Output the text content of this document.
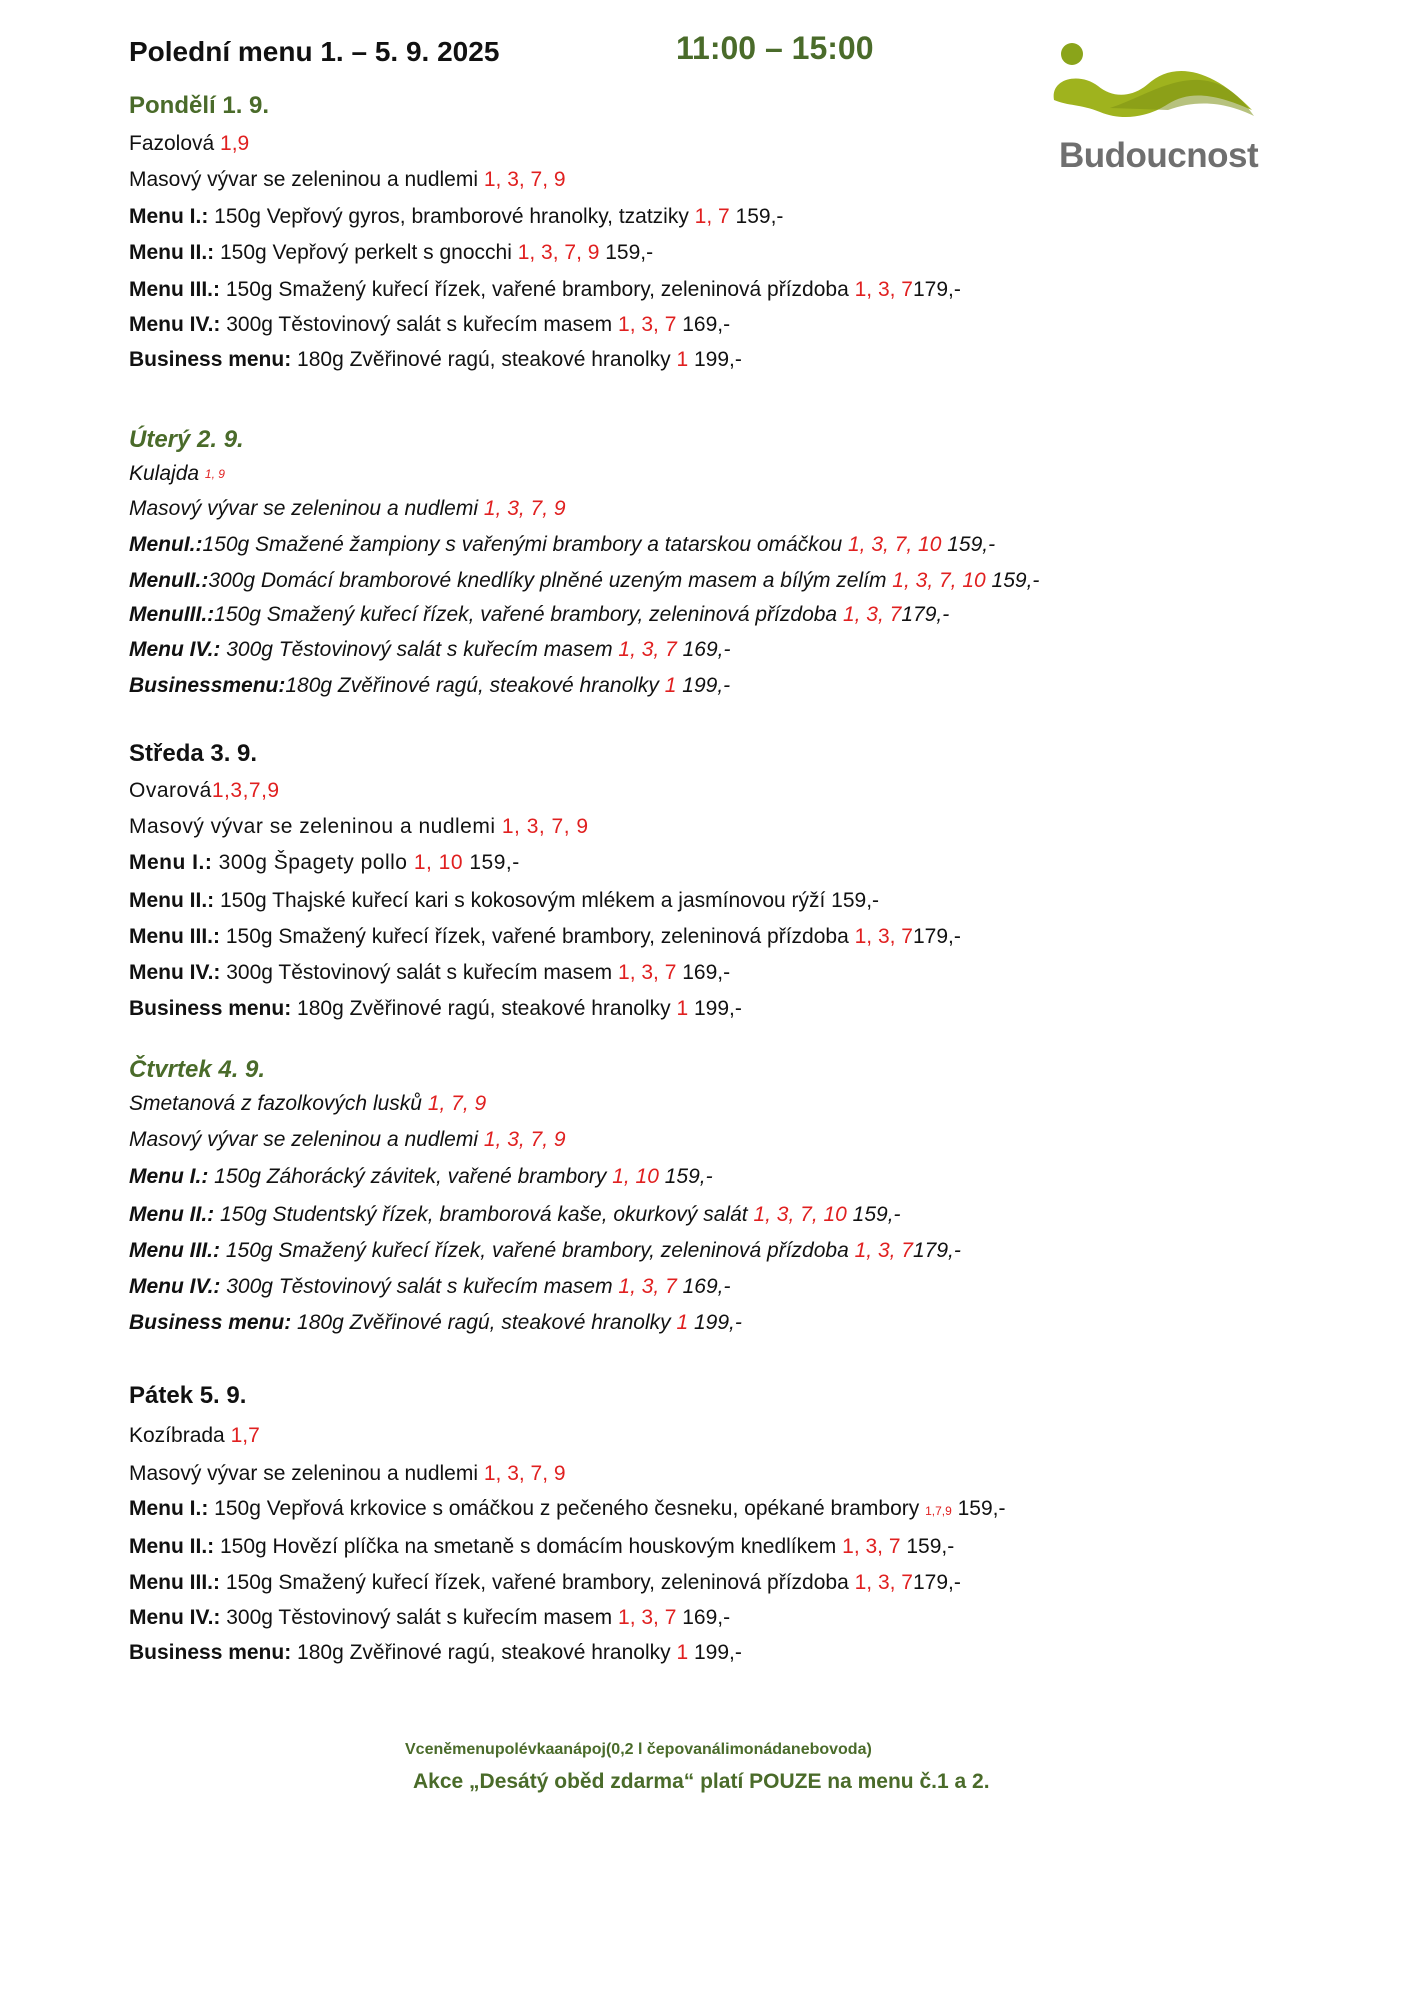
Polední menu 1. – 5. 9. 2025	11:00 – 15:00
Budoucnost
Pondělí 1. 9.
Fazolová 1,9
Masový vývar se zeleninou a nudlemi 1, 3, 7, 9
Menu I.: 150g Vepřový gyros, bramborové hranolky, tzatziky 1, 7 159,-
Menu II.: 150g Vepřový perkelt s gnocchi 1, 3, 7, 9 159,-
Menu III.: 150g Smažený kuřecí řízek, vařené brambory, zeleninová přízdoba 1, 3, 7179,-
Menu IV.: 300g Těstovinový salát s kuřecím masem 1, 3, 7 169,-
Business menu: 180g Zvěřinové ragú, steakové hranolky 1 199,-
Úterý 2. 9.
Kulajda 1, 9
Masový vývar se zeleninou a nudlemi 1, 3, 7, 9
MenuI.:150g Smažené žampiony s vařenými brambory a tatarskou omáčkou 1, 3, 7, 10 159,-
MenuII.:300g Domácí bramborové knedlíky plněné uzeným masem a bílým zelím 1, 3, 7, 10 159,-
MenuIII.:150g Smažený kuřecí řízek, vařené brambory, zeleninová přízdoba 1, 3, 7179,-
Menu IV.: 300g Těstovinový salát s kuřecím masem 1, 3, 7 169,-
Businessmenu:180g Zvěřinové ragú, steakové hranolky 1 199,-
Středa 3. 9.
Ovarová1,3,7,9
Masový vývar se zeleninou a nudlemi 1, 3, 7, 9
Menu I.: 300g Špagety pollo 1, 10 159,-
Menu II.: 150g Thajské kuřecí kari s kokosovým mlékem a jasmínovou rýží 159,-
Menu III.: 150g Smažený kuřecí řízek, vařené brambory, zeleninová přízdoba 1, 3, 7179,-
Menu IV.: 300g Těstovinový salát s kuřecím masem 1, 3, 7 169,-
Business menu: 180g Zvěřinové ragú, steakové hranolky 1 199,-
Čtvrtek 4. 9.
Smetanová z fazolkových lusků 1, 7, 9
Masový vývar se zeleninou a nudlemi 1, 3, 7, 9
Menu I.: 150g Záhorácký závitek, vařené brambory 1, 10 159,-
Menu II.: 150g Studentský řízek, bramborová kaše, okurkový salát 1, 3, 7, 10 159,-
Menu III.: 150g Smažený kuřecí řízek, vařené brambory, zeleninová přízdoba 1, 3, 7179,-
Menu IV.: 300g Těstovinový salát s kuřecím masem 1, 3, 7 169,-
Business menu: 180g Zvěřinové ragú, steakové hranolky 1 199,-
Pátek 5. 9.
Kozíbrada 1,7
Masový vývar se zeleninou a nudlemi 1, 3, 7, 9
Menu I.: 150g Vepřová krkovice s omáčkou z pečeného česneku, opékané brambory 1,7,9 159,-
Menu II.: 150g Hovězí plíčka na smetaně s domácím houskovým knedlíkem 1, 3, 7 159,-
Menu III.: 150g Smažený kuřecí řízek, vařené brambory, zeleninová přízdoba 1, 3, 7179,-
Menu IV.: 300g Těstovinový salát s kuřecím masem 1, 3, 7 169,-
Business menu: 180g Zvěřinové ragú, steakové hranolky 1 199,-
Vceněmenupolévkaanápoj(0,2 l čepovanálimonádanebovoda)
Akce „Desátý oběd zdarma“ platí POUZE na menu č.1 a 2.
